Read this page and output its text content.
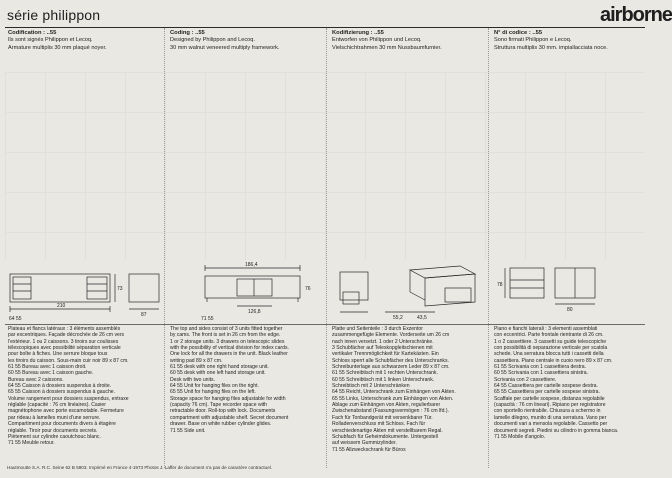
série philippon	airborne
Codification : ..55
Ils sont signés Philippon et Lecoq.
Armature multiplis 30 mm plaqué noyer.
Coding : ..55
Designed by Philippon and Lecoq.
30 mm walnut veneered multiply framework.
Kodifizierung : ..55
Entworfen von Philippon und Lecoq.
Vielschichtrahmen 30 mm Nussbaumfurnier.
N° di codice : ..55
Sono firmati Philippon e Lecoq.
Struttura multiplis 30 mm. impiallacciata noce.
64 55
210
73
87
71 55
186,4
126,8
76
55,2	43,5
78
80
Plateau et flancs latéraux : 3 éléments assemblés
par excentriques. Façade décrochée de 26 cm vers
l'extérieur. 1 ou 2 caissons. 3 tiroirs sur coulisses
télescopiques avec possibilité séparation verticale
pour boîte à fiches. Une serrure bloque tous
les tiroirs du caisson. Sous-main cuir noir 89 x 87 cm.
61 55 Bureau avec 1 caisson droit.
60 55 Bureau avec 1 caisson gauche.
Bureau avec 2 caissons.
64 55 Caisson à dossiers suspendus à droite.
65 55 Caisson à dossiers suspendus à gauche.
Volume rangement pour dossiers suspendus, entraxe
réglable (capacité : 76 cm linéaires). Casier
magnétophone avec porte escamotable. Fermeture
par rideau à lamelles muni d'une serrure.
Compartiment pour documents divers à étagère
réglable. Tiroir pour documents secrets.
Piètement sur cylindre caoutchouc blanc.
71 55 Meuble retour.
The top and sides consist of 3 units fitted together
by cams. The front is set in 26 cm from the edge.
1 or 2 storage units. 3 drawers on telescopic slides
with the possibility of vertical division for index cards.
One lock for all the drawers in the unit. Black leather
writing pad 89 x 87 cm.
61 55 desk with one right hand storage unit.
60 55 desk with one left hand storage unit.
Desk with two units.
64 55 Unit for hanging files on the right.
65 55 Unit for hanging files on the left.
Storage space for hanging files adjustable for width
(capacity 76 cm). Tape recorder space with
retractable door. Roll-top with lock. Documents
compartment with adjustable shelf. Secret document
drawer. Base on white rubber cylinder glides.
71 55 Side unit.
Platte und Seitenteile : 3 durch Exzentor
zusammengefügte Elemente. Vorderseite um 26 cm
nach innen versetzt. 1 oder 2 Unterschränke.
3 Schubfächer auf Teleskopgleitschienen mit
vertikaler Trennmöglichkeit für Kartekästen. Ein
Schloss sperrt alle Schubfächer des Unterschranks.
Schreibunterlage aus schwarzem Leder 89 x 87 cm.
61 55 Schreibtisch mit 1 rechten Unterschrank.
60 55 Schreibtisch mit 1 linken Unterschrank.
Schreibtisch mit 2 Unterschränken
64 55 Reicht, Unterschrank zum Einhängen von Akten.
65 55 Links, Unterschrank zum Einhängen von Akten.
Ablage zum Einhängen von Akten, regulierbarer
Zwischenabstand (Fassungsvermögen : 76 cm lfd.).
Fach für Tonbandgerät mit versenkbarer Tür.
Rolladenverschluss mit Schloss. Fach für
verschiedenartige Akten mit verstellbarem Regal.
Schubfach für Geheimdokumente. Untergestell
auf weissem Gummizylinder.
71 55 Allzweckschrank für Büros
Piano e fianchi laterali : 3 elementi assemblati
con eccentrici. Parte frontale rientrante di 26 cm.
1 o 2 cassettiere. 3 cassetti su guide telescopiche
con possibilità di separazione verticale per scatola
schede. Una serratura blocca tutti i cassetti della
cassettiera. Piano centrale in cuoio nero 89 x 87 cm.
61 55 Scrivania con 1 cassettiera destra.
60 55 Scrivania con 1 cassettiera sinistra.
Scrivania con 2 cassettiere.
64 55 Cassettiera per cartelle sospese destra.
65 55 Cassettiera per cartelle sospese sinistra.
Scaffale per cartelle sospese, distanza regolabile
(capacità : 76 cm lineari). Ripiano per registratore
con sportello rientrabile. Chiusura a schermo in
lamelle dilegno, munito di una serratura. Vano per
documenti vari a mensola regolabile. Cassetto per
documenti segreti. Piedini su cilindro in gomma bianca.
71 55 Mobile d'angolo.
Hautmoutte S.A. R.C. Seine 62 B 5903. Imprimé en France 4-1973 Photos J. Laffer de document n'a pas de caractère contractuel.
